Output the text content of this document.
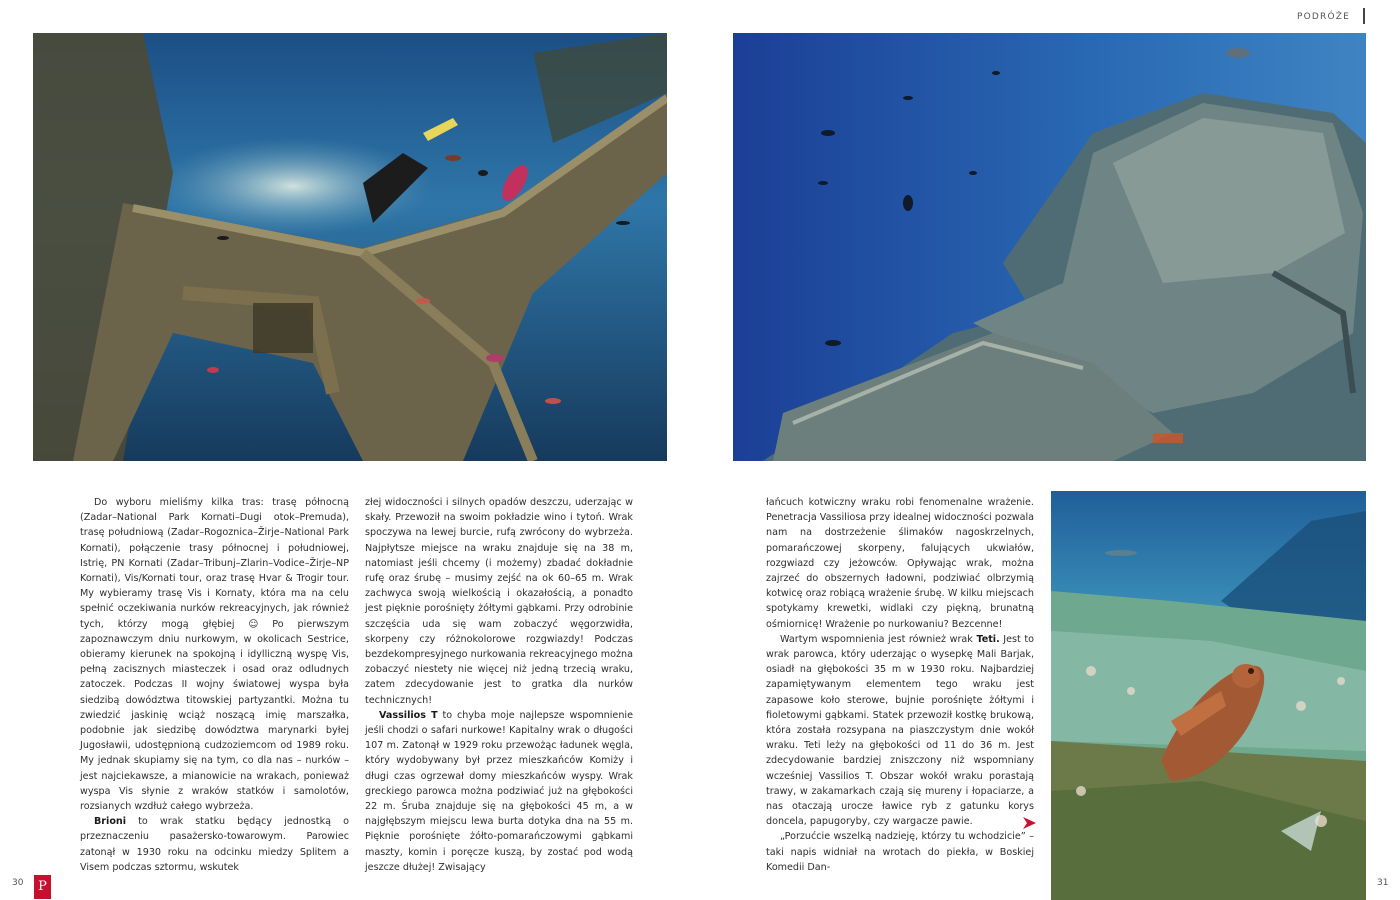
PODRÓŻE

Do wyboru mieliśmy kilka tras: trasę północną (Zadar–National Park Kornati–Dugi otok–Premuda), trasę południową (Zadar–Rogoznica–Žirje–National Park Kornati), połączenie trasy północnej i południowej, Istrię, PN Kornati (Zadar–Tribunj–Zlarin–Vodice–Žirje–NP Kornati), Vis/Kornati tour, oraz trasę Hvar & Trogir tour. My wybieramy trasę Vis i Kornaty, która ma na celu spełnić oczekiwania nurków rekreacyjnych, jak również tych, którzy mogą głębiej ☺ Po pierwszym zapoznawczym dniu nurkowym, w okolicach Sestrice, obieramy kierunek na spokojną i idylliczną wyspę Vis, pełną zacisznych miasteczek i osad oraz odludnych zatoczek. Podczas II wojny światowej wyspa była siedzibą dowództwa titowskiej partyzantki. Można tu zwiedzić jaskinię wciąż noszącą imię marszałka, podobnie jak siedzibę dowództwa marynarki byłej Jugosławii, udostępnioną cudzoziemcom od 1989 roku. My jednak skupiamy się na tym, co dla nas – nurków – jest najciekawsze, a mianowicie na wrakach, ponieważ wyspa Vis słynie z wraków statków i samolotów, rozsianych wzdłuż całego wybrzeża.

Brioni to wrak statku będący jednostką o przeznaczeniu pasażersko-towarowym. Parowiec zatonął w 1930 roku na odcinku miedzy Splitem a Visem podczas sztormu, wskutek

złej widoczności i silnych opadów deszczu, uderzając w skały. Przewoził na swoim pokładzie wino i tytoń. Wrak spoczywa na lewej burcie, rufą zwrócony do wybrzeża. Najpłytsze miejsce na wraku znajduje się na 38 m, natomiast jeśli chcemy (i możemy) zbadać dokładnie rufę oraz śrubę – musimy zejść na ok 60–65 m. Wrak zachwyca swoją wielkością i okazałością, a ponadto jest pięknie porośnięty żółtymi gąbkami. Przy odrobinie szczęścia uda się wam zobaczyć węgorzwidła, skorpeny czy różnokolorowe rozgwiazdy! Podczas bezdekompresyjnego nurkowania rekreacyjnego można zobaczyć niestety nie więcej niż jedną trzecią wraku, zatem zdecydowanie jest to gratka dla nurków technicznych!

Vassilios T to chyba moje najlepsze wspomnienie jeśli chodzi o safari nurkowe! Kapitalny wrak o długości 107 m. Zatonął w 1929 roku przewożąc ładunek węgla, który wydobywany był przez mieszkańców Komiży i długi czas ogrzewał domy mieszkańców wyspy. Wrak greckiego parowca można podziwiać już na głębokości 22 m. Śruba znajduje się na głębokości 45 m, a w najgłębszym miejscu lewa burta dotyka dna na 55 m. Pięknie porośnięte żółto-pomarańczowymi gąbkami maszty, komin i poręcze kuszą, by zostać pod wodą jeszcze dłużej! Zwisający

łańcuch kotwiczny wraku robi fenomenalne wrażenie. Penetracja Vassiliosa przy idealnej widoczności pozwala nam na dostrzeżenie ślimaków nagoskrzelnych, pomarańczowej skorpeny, falujących ukwiałów, rozgwiazd czy jeżowców. Opływając wrak, można zajrzeć do obszernych ładowni, podziwiać olbrzymią kotwicę oraz robiącą wrażenie śrubę. W kilku miejscach spotykamy krewetki, widlaki czy piękną, brunatną ośmiornicę! Wrażenie po nurkowaniu? Bezcenne!

Wartym wspomnienia jest również wrak Teti. Jest to wrak parowca, który uderzając o wysepkę Mali Barjak, osiadł na głębokości 35 m w 1930 roku. Najbardziej zapamiętywanym elementem tego wraku jest zapasowe koło sterowe, bujnie porośnięte żółtymi i fioletowymi gąbkami. Statek przewoził kostkę brukową, która została rozsypana na piaszczystym dnie wokół wraku. Teti leży na głębokości od 11 do 36 m. Jest zdecydowanie bardziej zniszczony niż wspomniany wcześniej Vassilios T. Obszar wokół wraku porastają trawy, w zakamarkach czają się mureny i łopaciarze, a nas otaczają urocze ławice ryb z gatunku korys doncela, papugoryby, czy wargacze pawie.

„Porzućcie wszelką nadzieję, którzy tu wchodzicie” – taki napis widniał na wrotach do piekła, w Boskiej Komedii Dan-

30	P	31
